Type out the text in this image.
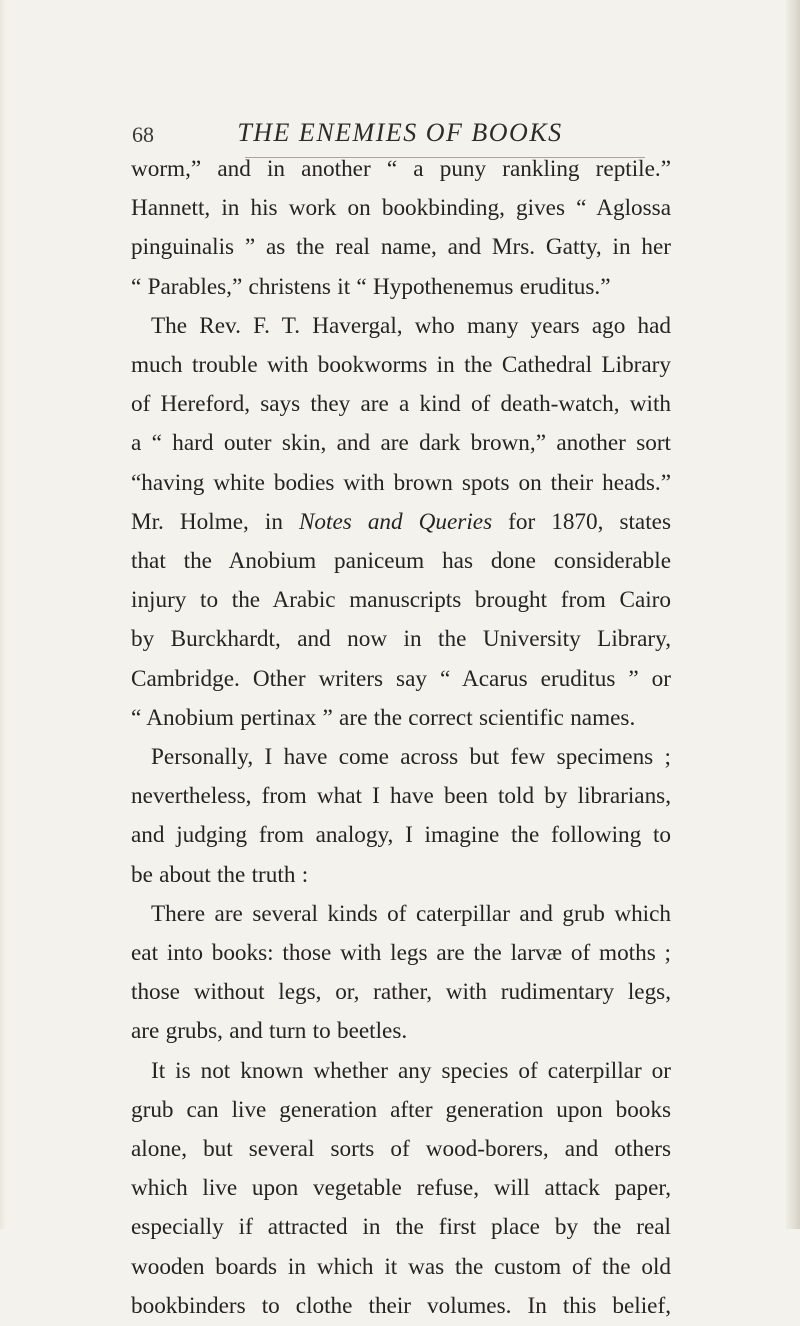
68	THE ENEMIES OF BOOKS
worm,” and in another “ a puny rankling reptile.”
Hannett, in his work on bookbinding, gives “ Aglossa
pinguinalis ” as the real name, and Mrs. Gatty, in her
“ Parables,” christens it “ Hypothenemus eruditus.”
The Rev. F. T. Havergal, who many years ago had
much trouble with bookworms in the Cathedral Library
of Hereford, says they are a kind of death-watch, with
a “ hard outer skin, and are dark brown,” another sort
“having white bodies with brown spots on their heads.”
Mr. Holme, in Notes and Queries for 1870, states
that the Anobium paniceum has done considerable
injury to the Arabic manuscripts brought from Cairo
by Burckhardt, and now in the University Library,
Cambridge. Other writers say “ Acarus eruditus ” or
“ Anobium pertinax ” are the correct scientific names.
Personally, I have come across but few specimens ;
nevertheless, from what I have been told by librarians,
and judging from analogy, I imagine the following to
be about the truth :
There are several kinds of caterpillar and grub which
eat into books: those with legs are the larvæ of moths ;
those without legs, or, rather, with rudimentary legs,
are grubs, and turn to beetles.
It is not known whether any species of caterpillar or
grub can live generation after generation upon books
alone, but several sorts of wood-borers, and others
which live upon vegetable refuse, will attack paper,
especially if attracted in the first place by the real
wooden boards in which it was the custom of the old
bookbinders to clothe their volumes. In this belief,
